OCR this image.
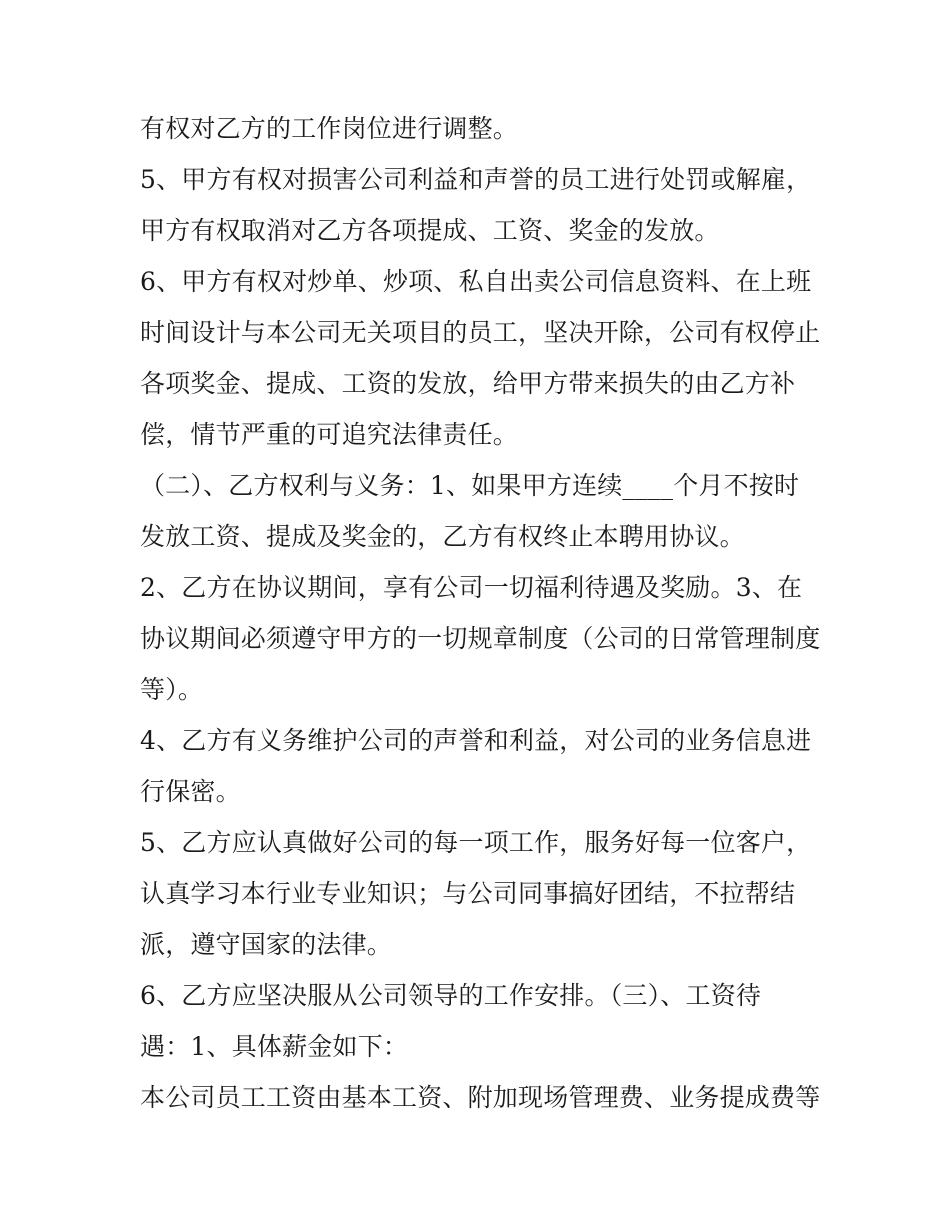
有权对乙方的工作岗位进行调整。
5、甲方有权对损害公司利益和声誉的员工进行处罚或解雇，
甲方有权取消对乙方各项提成、工资、奖金的发放。
6、甲方有权对炒单、炒项、私自出卖公司信息资料、在上班
时间设计与本公司无关项目的员工，坚决开除，公司有权停止
各项奖金、提成、工资的发放，给甲方带来损失的由乙方补
偿，情节严重的可追究法律责任。
（二）、乙方权利与义务：1、如果甲方连续____个月不按时
发放工资、提成及奖金的，乙方有权终止本聘用协议。
2、乙方在协议期间，享有公司一切福利待遇及奖励。3、在
协议期间必须遵守甲方的一切规章制度（公司的日常管理制度
等）。
4、乙方有义务维护公司的声誉和利益，对公司的业务信息进
行保密。
5、乙方应认真做好公司的每一项工作，服务好每一位客户，
认真学习本行业专业知识；与公司同事搞好团结，不拉帮结
派，遵守国家的法律。
6、乙方应坚决服从公司领导的工作安排。（三）、工资待
遇：1、具体薪金如下：
本公司员工工资由基本工资、附加现场管理费、业务提成费等
